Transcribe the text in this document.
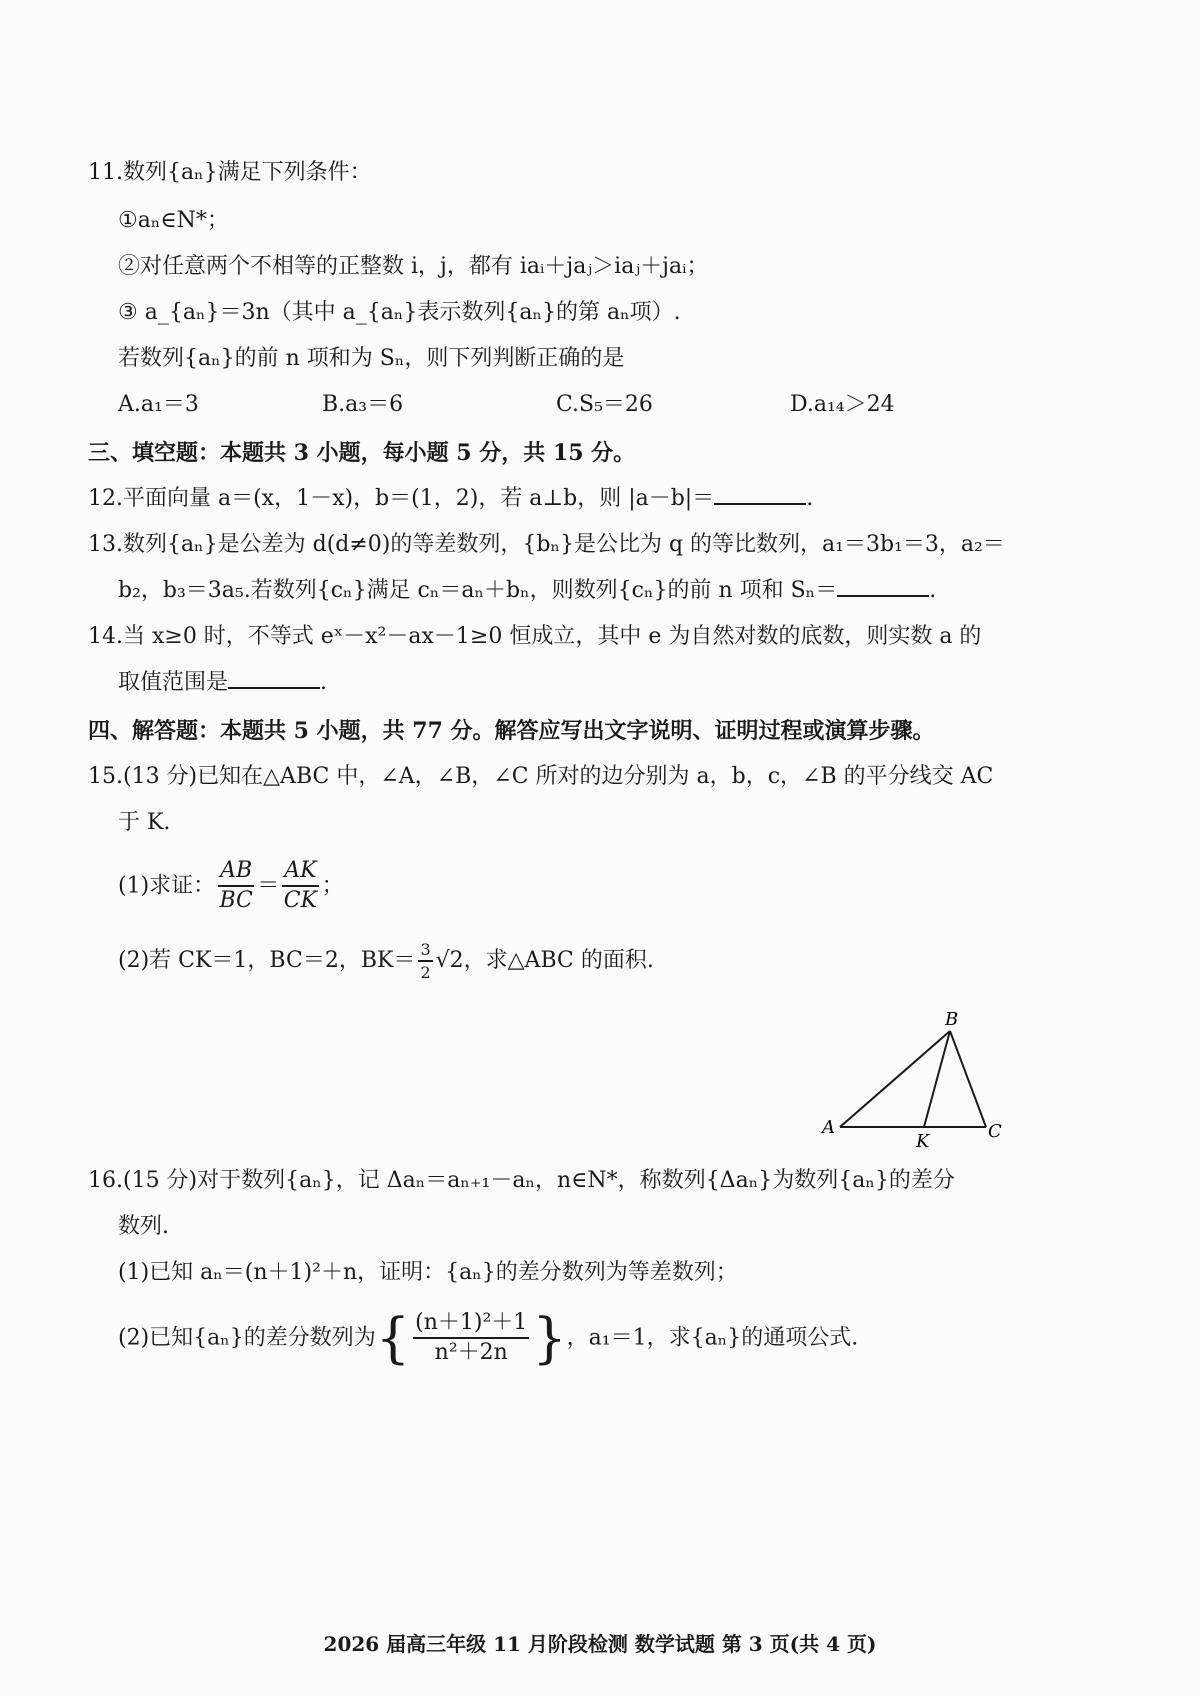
11.数列{aₙ}满足下列条件：
①aₙ∈N*；
②对任意两个不相等的正整数 i，j，都有 iaᵢ＋jaⱼ＞iaⱼ＋jaᵢ；
③ a_{aₙ}＝3n（其中 a_{aₙ}表示数列{aₙ}的第 aₙ项）.
若数列{aₙ}的前 n 项和为 Sₙ，则下列判断正确的是
A.a₁＝3	B.a₃＝6	C.S₅＝26	D.a₁₄＞24
三、填空题：本题共 3 小题，每小题 5 分，共 15 分。
12.平面向量 a＝(x，1－x)，b＝(1，2)，若 a⊥b，则 |a－b|＝	.
13.数列{aₙ}是公差为 d(d≠0)的等差数列，{bₙ}是公比为 q 的等比数列，a₁＝3b₁＝3，a₂＝
b₂，b₃＝3a₅.若数列{cₙ}满足 cₙ＝aₙ＋bₙ，则数列{cₙ}的前 n 项和 Sₙ＝	.
14.当 x≥0 时，不等式 eˣ－x²－ax－1≥0 恒成立，其中 e 为自然对数的底数，则实数 a 的
取值范围是	.
四、解答题：本题共 5 小题，共 77 分。解答应写出文字说明、证明过程或演算步骤。
15.(13 分)已知在△ABC 中，∠A，∠B，∠C 所对的边分别为 a，b，c，∠B 的平分线交 AC
于 K.
(1)求证： $\frac{AB}{BC} = \frac{AK}{CK}$ ；
(2)若 CK＝1，BC＝2，$BK= \frac{3}{2} √2$，求△ABC 的面积.
B
A
K	C
16.(15 分)对于数列{aₙ}，记 Δaₙ＝aₙ₊₁－aₙ，n∈N*，称数列{Δaₙ}为数列{aₙ}的差分
数列.
(1)已知 aₙ＝(n＋1)²＋n，证明：{aₙ}的差分数列为等差数列；
(2)已知{aₙ}的差分数列为{ $\frac{\text{(n＋1)²＋1}}{\text{n²＋2n}}$ }，a₁＝1，求{aₙ}的通项公式.
2026 届高三年级 11 月阶段检测 数学试题 第 3 页(共 4 页)
